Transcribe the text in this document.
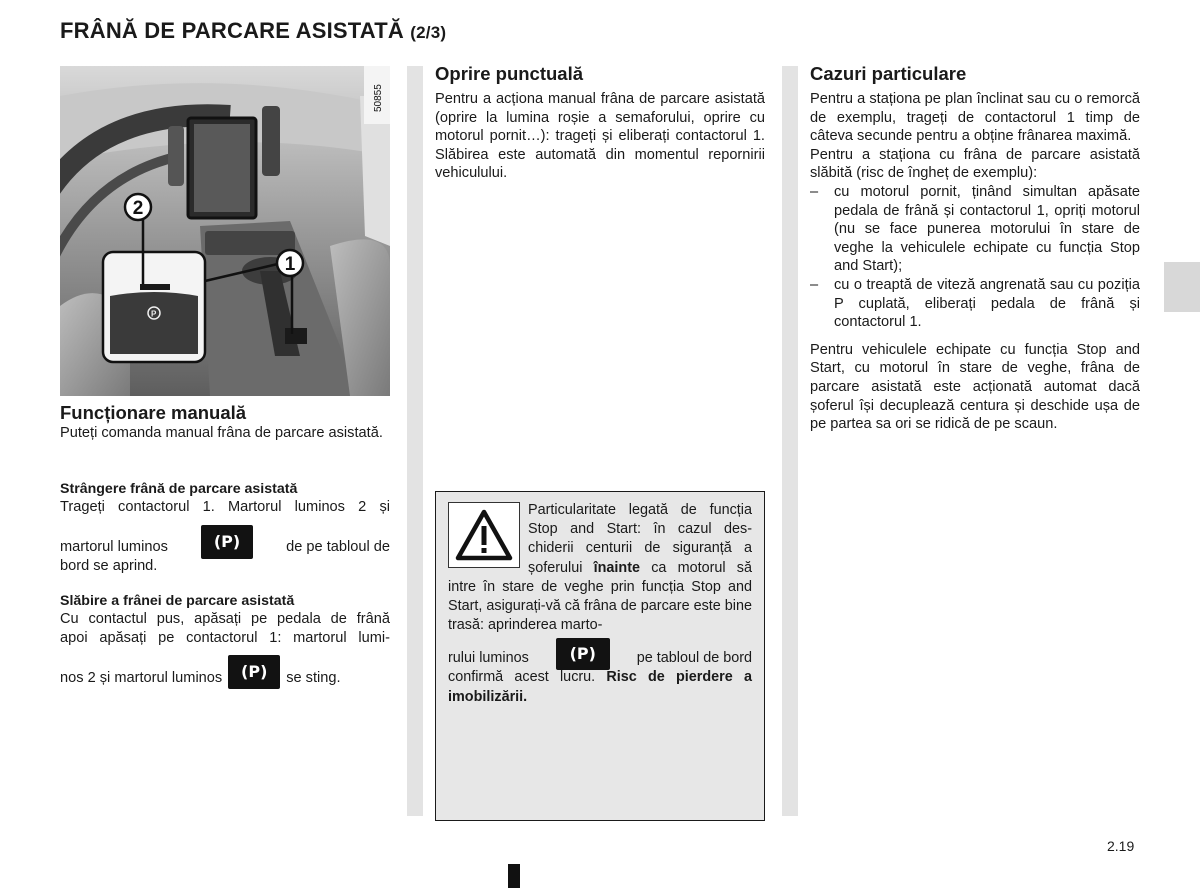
FRÂNĂ DE PARCARE ASISTATĂ (2/3)
P
2
1
50855
Funcționare manuală
Puteți comanda manual frâna de parcare asistată.
Strângere frână de parcare asistată
Trageți contactorul 1. Martorul luminos 2 și
martorul luminos	(P)	de pe tabloul de
bord se aprind.
Slăbire a frânei de parcare asistată
Cu contactul pus, apăsați pe pedala de frână
apoi apăsați pe contactorul 1: martorul lumi-
nos 2 și martorul luminos	(P)	se sting.
Oprire punctuală
Pentru a acționa manual frâna de parcare asistată (oprire la lumina roșie a semaforului, oprire cu motorul pornit…): trageți și eliberați contactorul 1. Slăbirea este automată din momentul repornirii vehiculului.
Particularitate legată de funcția
Stop and Start: în cazul des-
chiderii centurii de siguranță a
șoferului înainte ca motorul să
intre în stare de veghe prin funcția Stop and Start, asigurați-vă că frâna de parcare este bine trasă: aprinderea marto-
rului luminos	(P)	pe tabloul de bord
confirmă acest lucru. Risc de pierdere a imobilizării.
Cazuri particulare
Pentru a staționa pe plan înclinat sau cu o remorcă de exemplu, trageți de contactorul 1 timp de câteva secunde pentru a obține frânarea maximă.
Pentru a staționa cu frâna de parcare asistată slăbită (risc de îngheț de exemplu):
–	cu motorul pornit, ținând simultan apăsate pedala de frână și contactorul 1, opriți motorul (nu se face punerea motorului în stare de veghe la vehiculele echipate cu funcția Stop and Start);
–	cu o treaptă de viteză angrenată sau cu poziția P cuplată, eliberați pedala de frână și contactorul 1.
Pentru vehiculele echipate cu funcția Stop and Start, cu motorul în stare de veghe, frâna de parcare asistată este acționată automat dacă șoferul își decuplează centura și deschide ușa de pe partea sa ori se ridică de pe scaun.
2.19
